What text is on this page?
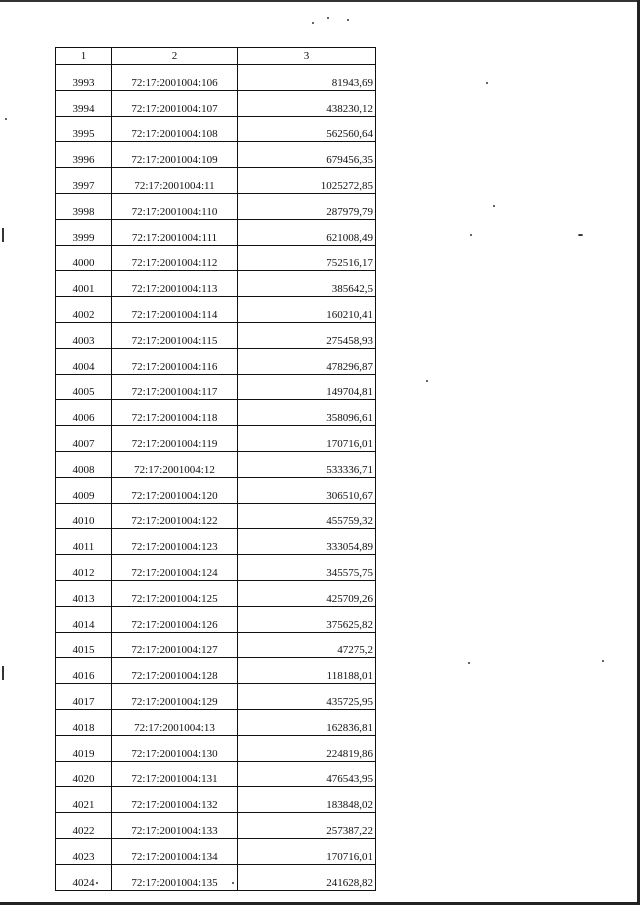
1	2	3
3993	72:17:2001004:106	81943,69
3994	72:17:2001004:107	438230,12
3995	72:17:2001004:108	562560,64
3996	72:17:2001004:109	679456,35
3997	72:17:2001004:11	1025272,85
3998	72:17:2001004:110	287979,79
3999	72:17:2001004:111	621008,49
4000	72:17:2001004:112	752516,17
4001	72:17:2001004:113	385642,5
4002	72:17:2001004:114	160210,41
4003	72:17:2001004:115	275458,93
4004	72:17:2001004:116	478296,87
4005	72:17:2001004:117	149704,81
4006	72:17:2001004:118	358096,61
4007	72:17:2001004:119	170716,01
4008	72:17:2001004:12	533336,71
4009	72:17:2001004:120	306510,67
4010	72:17:2001004:122	455759,32
4011	72:17:2001004:123	333054,89
4012	72:17:2001004:124	345575,75
4013	72:17:2001004:125	425709,26
4014	72:17:2001004:126	375625,82
4015	72:17:2001004:127	47275,2
4016	72:17:2001004:128	118188,01
4017	72:17:2001004:129	435725,95
4018	72:17:2001004:13	162836,81
4019	72:17:2001004:130	224819,86
4020	72:17:2001004:131	476543,95
4021	72:17:2001004:132	183848,02
4022	72:17:2001004:133	257387,22
4023	72:17:2001004:134	170716,01
4024	72:17:2001004:135	241628,82
